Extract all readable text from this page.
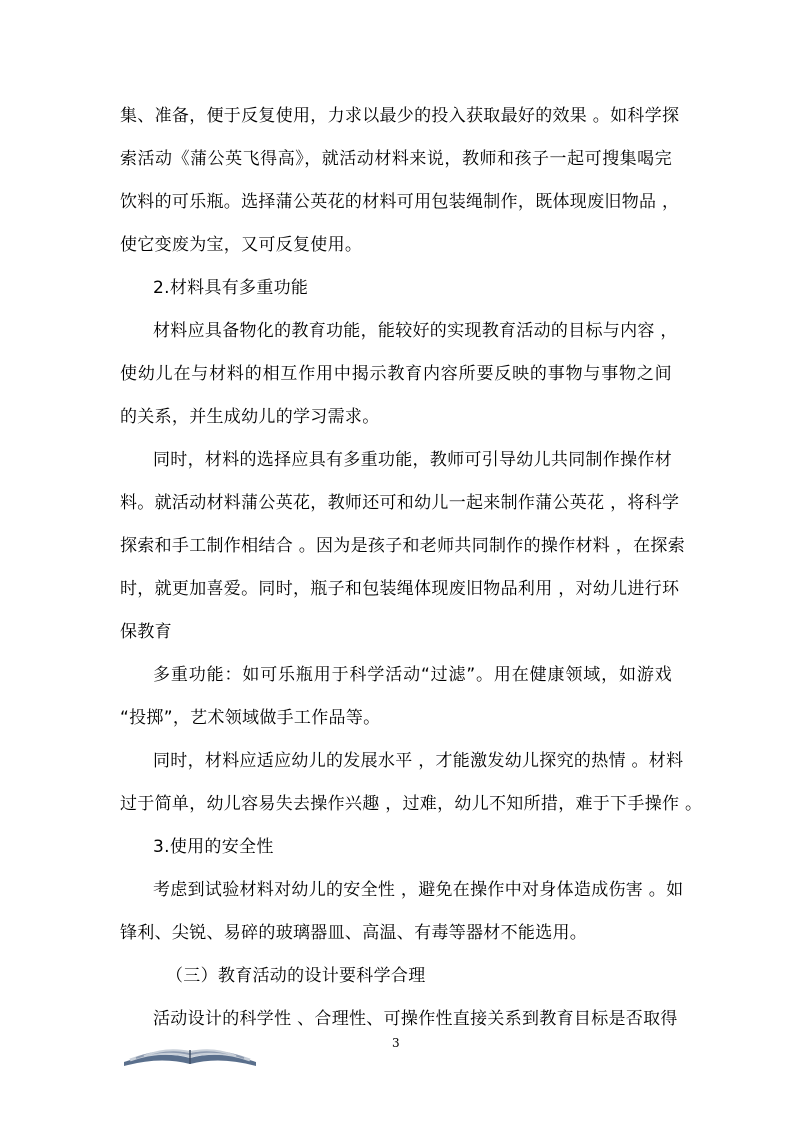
集、准备，便于反复使用，力求以最少的投入获取最好的效果 。如科学探
索活动《蒲公英飞得高》，就活动材料来说，教师和孩子一起可搜集喝完
饮料的可乐瓶。选择蒲公英花的材料可用包装绳制作，既体现废旧物品 ，
使它变废为宝，又可反复使用。
2.材料具有多重功能
材料应具备物化的教育功能，能较好的实现教育活动的目标与内容 ，
使幼儿在与材料的相互作用中揭示教育内容所要反映的事物与事物之间
的关系，并生成幼儿的学习需求。
同时，材料的选择应具有多重功能，教师可引导幼儿共同制作操作材
料。就活动材料蒲公英花，教师还可和幼儿一起来制作蒲公英花 ，将科学
探索和手工制作相结合 。因为是孩子和老师共同制作的操作材料 ，在探索
时，就更加喜爱。同时，瓶子和包装绳体现废旧物品利用 ，对幼儿进行环
保教育
多重功能：如可乐瓶用于科学活动“过滤”。用在健康领域，如游戏
“投掷”，艺术领域做手工作品等。
同时，材料应适应幼儿的发展水平 ，才能激发幼儿探究的热情 。材料
过于简单，幼儿容易失去操作兴趣 ，过难，幼儿不知所措，难于下手操作 。
3.使用的安全性
考虑到试验材料对幼儿的安全性 ，避免在操作中对身体造成伤害 。如
锋利、尖锐、易碎的玻璃器皿、高温、有毒等器材不能选用。
（三）教育活动的设计要科学合理
活动设计的科学性 、合理性、可操作性直接关系到教育目标是否取得
3
